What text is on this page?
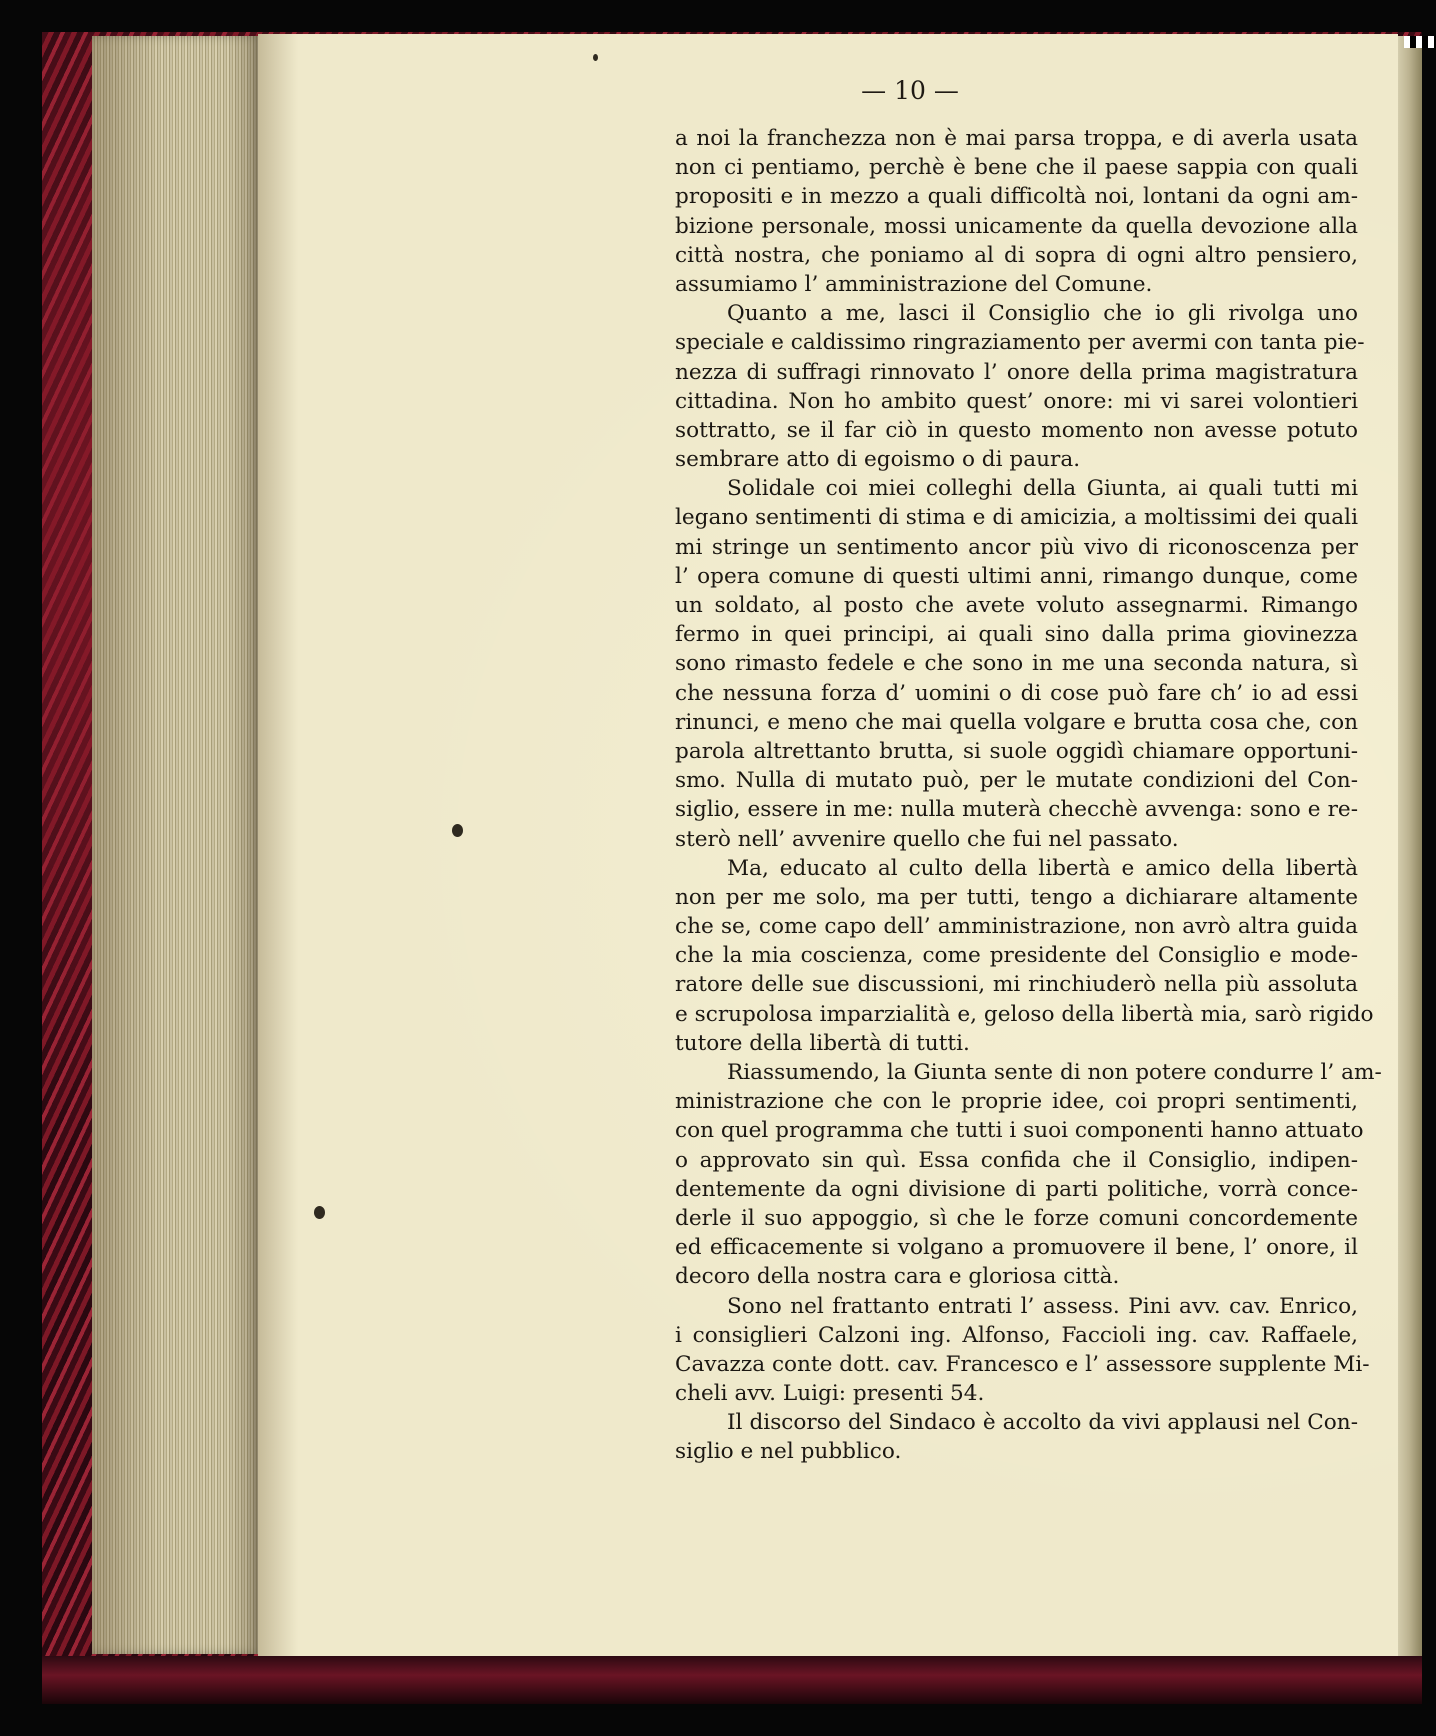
— 10 —
a noi la franchezza non è mai parsa troppa, e di averla usata
non ci pentiamo, perchè è bene che il paese sappia con quali
propositi e in mezzo a quali difficoltà noi, lontani da ogni am-
bizione personale, mossi unicamente da quella devozione alla
città nostra, che poniamo al di sopra di ogni altro pensiero,
assumiamo l’ amministrazione del Comune.
Quanto a me, lasci il Consiglio che io gli rivolga uno
speciale e caldissimo ringraziamento per avermi con tanta pie-
nezza di suffragi rinnovato l’ onore della prima magistratura
cittadina. Non ho ambito quest’ onore: mi vi sarei volontieri
sottratto, se il far ciò in questo momento non avesse potuto
sembrare atto di egoismo o di paura.
Solidale coi miei colleghi della Giunta, ai quali tutti mi
legano sentimenti di stima e di amicizia, a moltissimi dei quali
mi stringe un sentimento ancor più vivo di riconoscenza per
l’ opera comune di questi ultimi anni, rimango dunque, come
un soldato, al posto che avete voluto assegnarmi. Rimango
fermo in quei principi, ai quali sino dalla prima giovinezza
sono rimasto fedele e che sono in me una seconda natura, sì
che nessuna forza d’ uomini o di cose può fare ch’ io ad essi
rinunci, e meno che mai quella volgare e brutta cosa che, con
parola altrettanto brutta, si suole oggidì chiamare opportuni-
smo. Nulla di mutato può, per le mutate condizioni del Con-
siglio, essere in me: nulla muterà checchè avvenga: sono e re-
sterò nell’ avvenire quello che fui nel passato.
Ma, educato al culto della libertà e amico della libertà
non per me solo, ma per tutti, tengo a dichiarare altamente
che se, come capo dell’ amministrazione, non avrò altra guida
che la mia coscienza, come presidente del Consiglio e mode-
ratore delle sue discussioni, mi rinchiuderò nella più assoluta
e scrupolosa imparzialità e, geloso della libertà mia, sarò rigido
tutore della libertà di tutti.
Riassumendo, la Giunta sente di non potere condurre l’ am-
ministrazione che con le proprie idee, coi propri sentimenti,
con quel programma che tutti i suoi componenti hanno attuato
o approvato sin quì. Essa confida che il Consiglio, indipen-
dentemente da ogni divisione di parti politiche, vorrà conce-
derle il suo appoggio, sì che le forze comuni concordemente
ed efficacemente si volgano a promuovere il bene, l’ onore, il
decoro della nostra cara e gloriosa città.
Sono nel frattanto entrati l’ assess. Pini avv. cav. Enrico,
i consiglieri Calzoni ing. Alfonso, Faccioli ing. cav. Raffaele,
Cavazza conte dott. cav. Francesco e l’ assessore supplente Mi-
cheli avv. Luigi: presenti 54.
Il discorso del Sindaco è accolto da vivi applausi nel Con-
siglio e nel pubblico.
